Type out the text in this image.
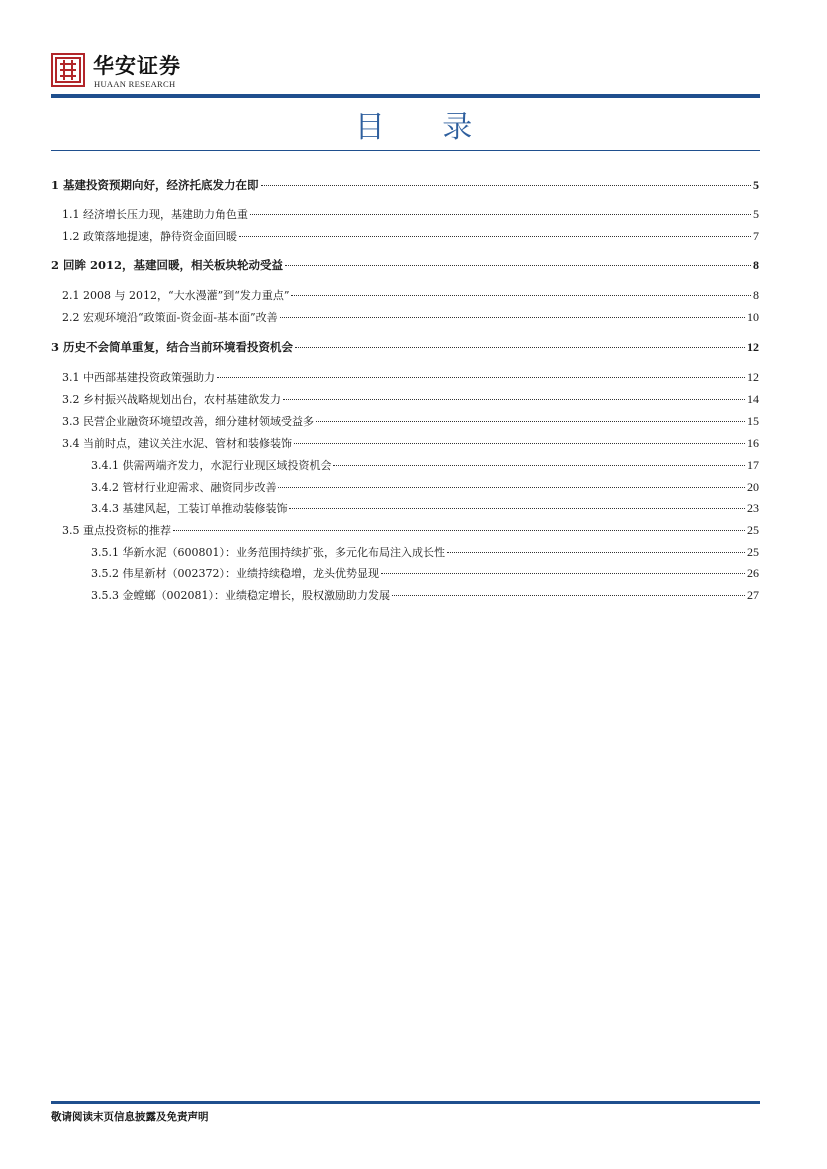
华安证券
HUAAN RESEARCH
目 录
1 基建投资预期向好，经济托底发力在即	5
1.1 经济增长压力现，基建助力角色重	5
1.2 政策落地提速，静待资金面回暖	7
2 回眸 2012，基建回暖，相关板块轮动受益	8
2.1 2008 与 2012，“大水漫灌”到“发力重点”	8
2.2 宏观环境沿“政策面-资金面-基本面”改善	10
3 历史不会简单重复，结合当前环境看投资机会	12
3.1 中西部基建投资政策强助力	12
3.2 乡村振兴战略规划出台，农村基建欲发力	14
3.3 民营企业融资环境望改善，细分建材领域受益多	15
3.4 当前时点，建议关注水泥、管材和装修装饰	16
3.4.1 供需两端齐发力，水泥行业现区域投资机会	17
3.4.2 管材行业迎需求、融资同步改善	20
3.4.3 基建风起，工装订单推动装修装饰	23
3.5 重点投资标的推荐	25
3.5.1 华新水泥（600801）：业务范围持续扩张，多元化布局注入成长性	25
3.5.2 伟星新材（002372）：业绩持续稳增，龙头优势显现	26
3.5.3 金螳螂（002081）：业绩稳定增长，股权激励助力发展	27
敬请阅读末页信息披露及免责声明
